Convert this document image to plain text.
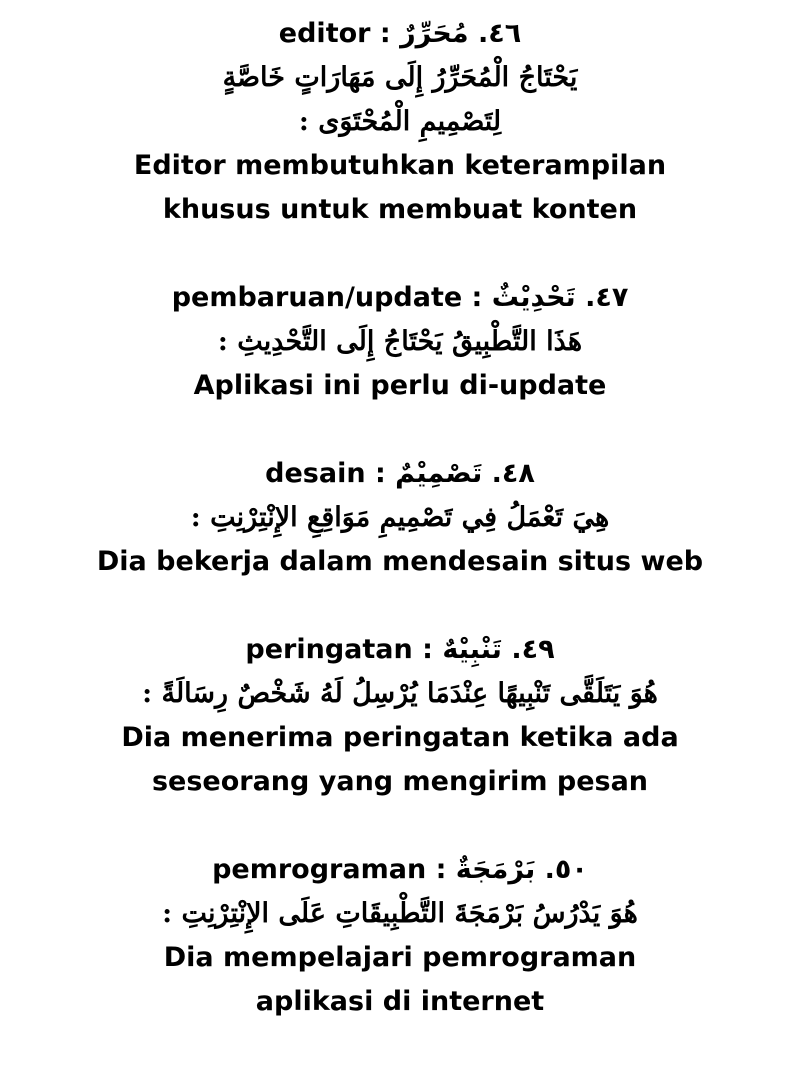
editor : ٤٦. مُحَرِّرٌ
يَحْتَاجُ الْمُحَرِّرُ إِلَى مَهَارَاتٍ خَاصَّةٍ
لِتَصْمِيمِ الْمُحْتَوَى :
Editor membutuhkan keterampilan
khusus untuk membuat konten
pembaruan/update : ٤٧. تَحْدِيْثٌ
هَذَا التَّطْبِيقُ يَحْتَاجُ إِلَى التَّحْدِيثِ :
Aplikasi ini perlu di-update
desain : ٤٨. تَصْمِيْمٌ
هِيَ تَعْمَلُ فِي تَصْمِيمِ مَوَاقِعِ الإِنْتِرْنِتِ :
Dia bekerja dalam mendesain situs web
peringatan : ٤٩. تَنْبِيْهٌ
هُوَ يَتَلَقَّى تَنْبِيهًا عِنْدَمَا يُرْسِلُ لَهُ شَخْصٌ رِسَالَةً :
Dia menerima peringatan ketika ada
seseorang yang mengirim pesan
pemrograman : ٥٠. بَرْمَجَةٌ
هُوَ يَدْرُسُ بَرْمَجَةَ التَّطْبِيقَاتِ عَلَى الإِنْتِرْنِتِ :
Dia mempelajari pemrograman
aplikasi di internet
